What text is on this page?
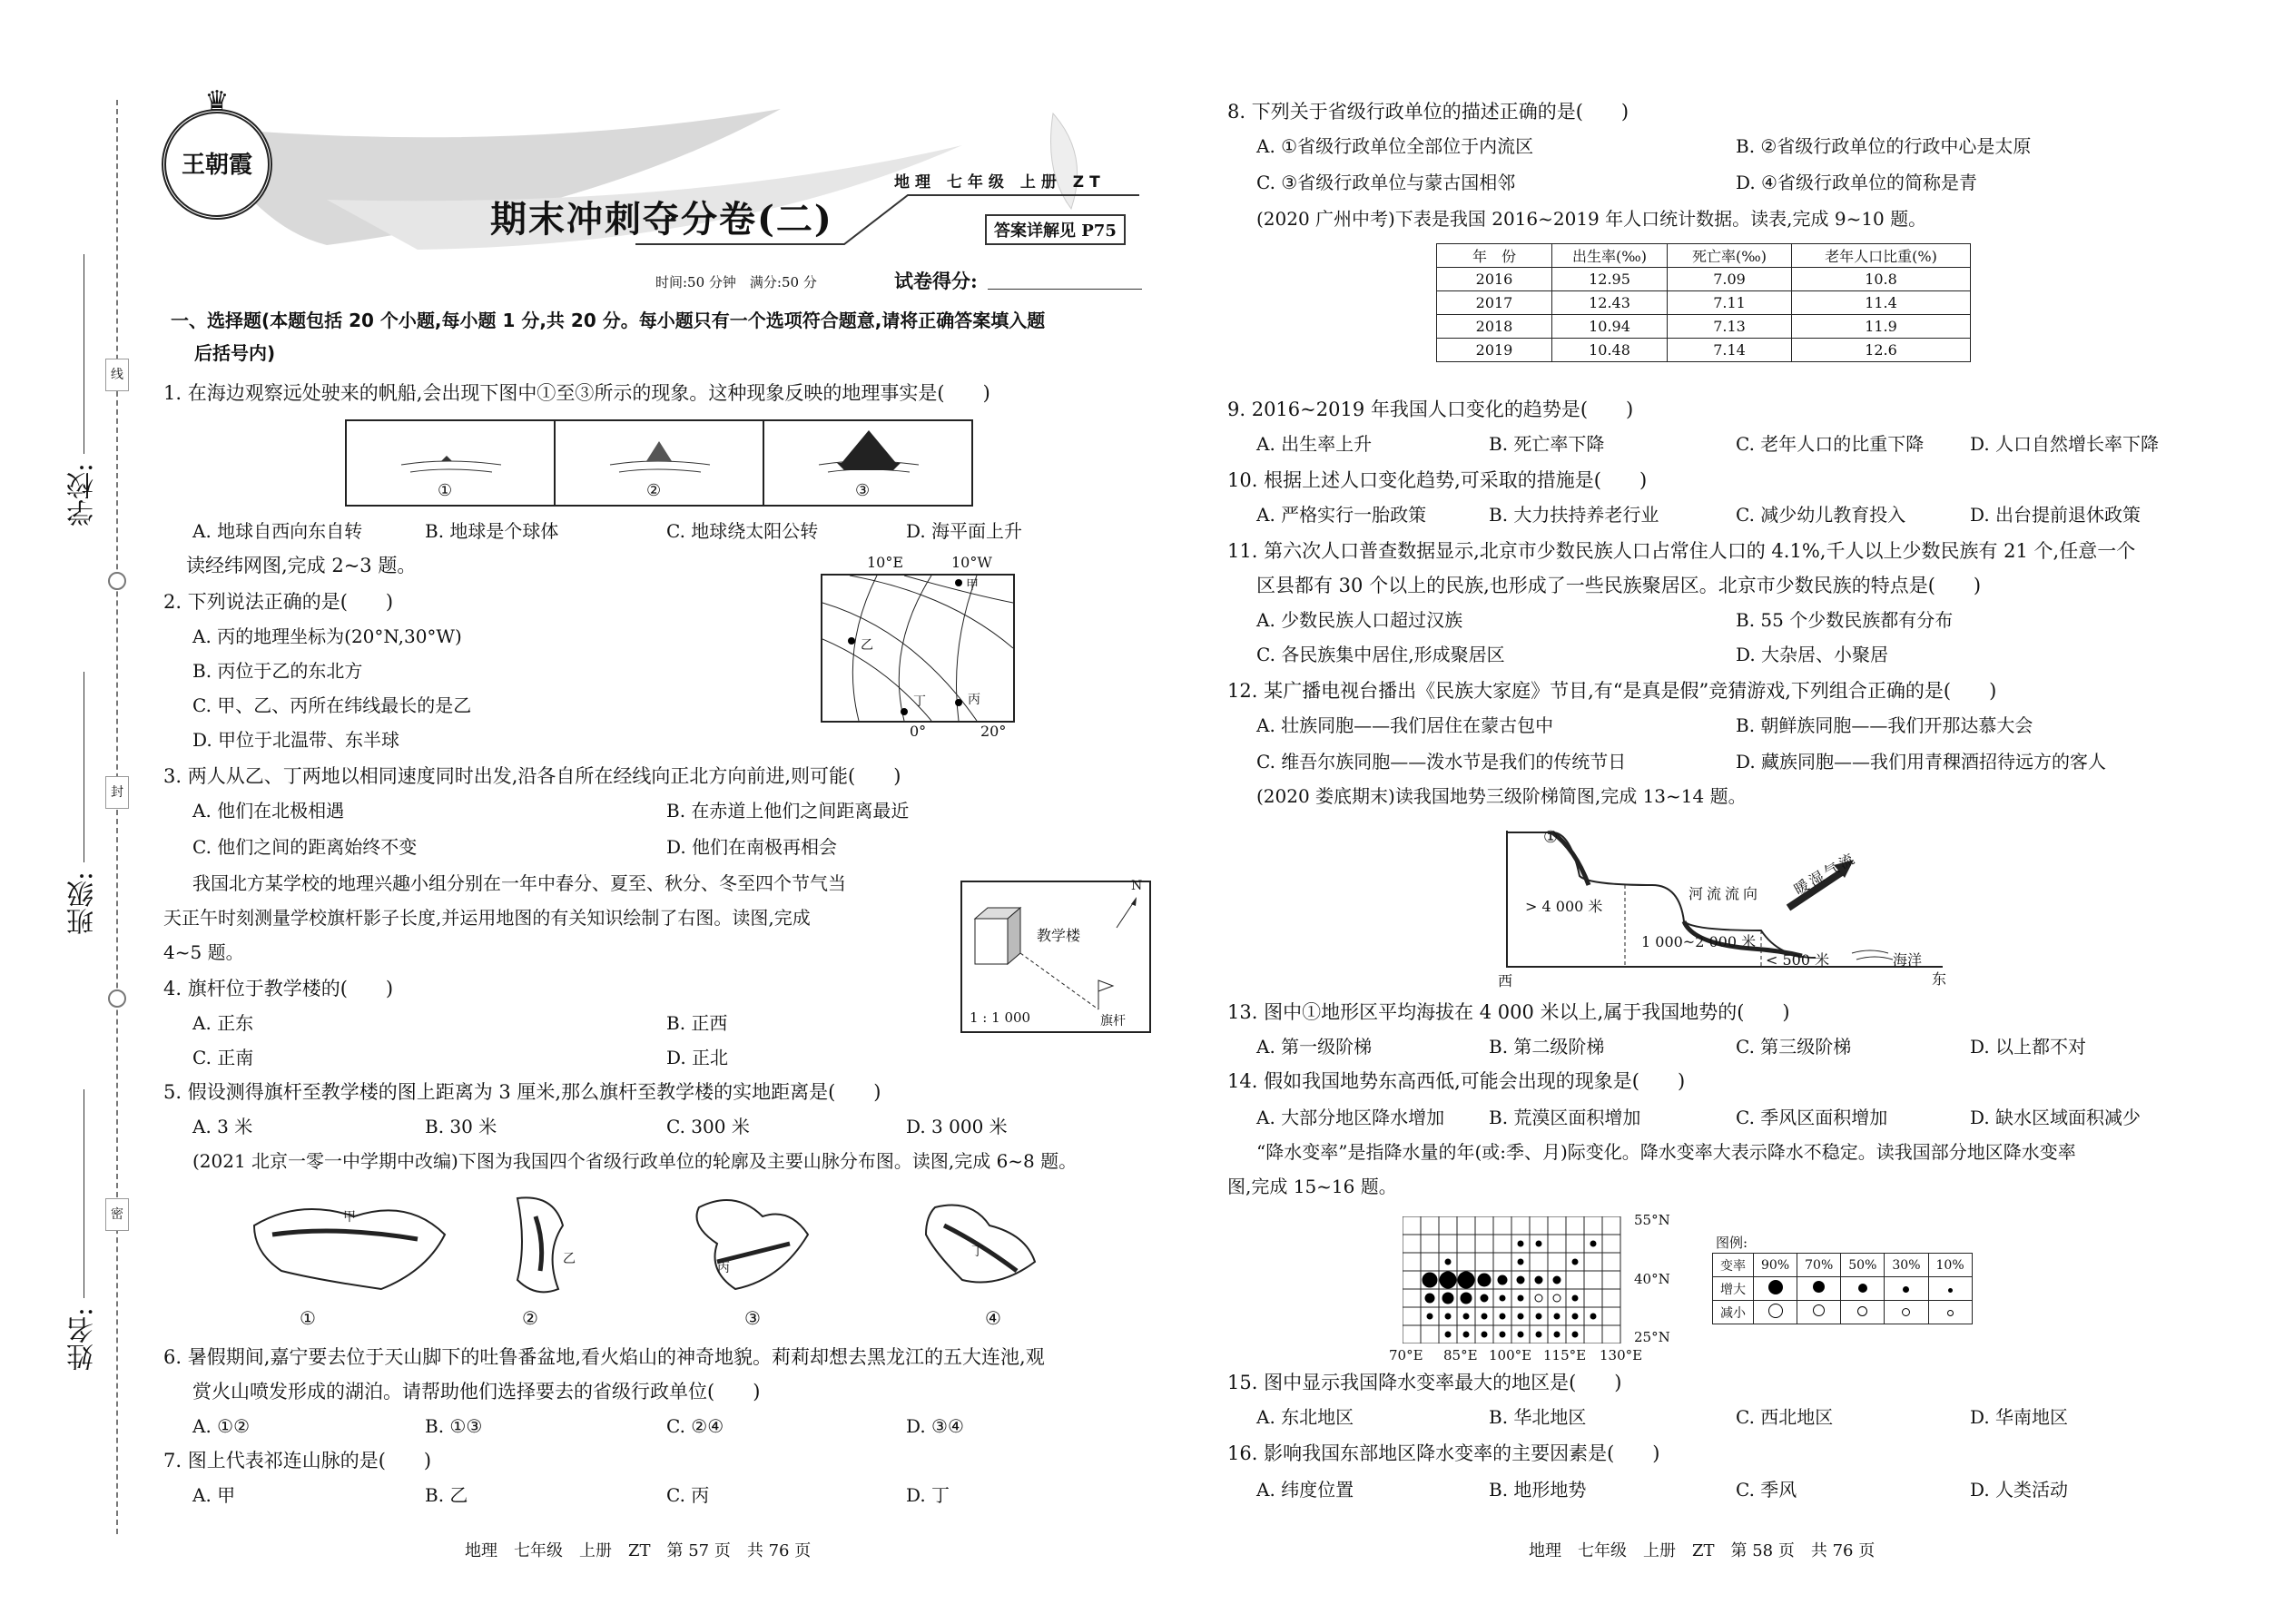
线
封
密
学校:
班级:
姓名:
♛
王朝霞
地理 七年级 上册 ZT
期末冲刺夺分卷(二)	答案详解见 P75
时间:50 分钟　满分:50 分	试卷得分:
一、选择题(本题包括 20 个小题,每小题 1 分,共 20 分。每小题只有一个选项符合题意,请将正确答案填入题
后括号内)
1. 在海边观察远处驶来的帆船,会出现下图中①至③所示的现象。这种现象反映的地理事实是(　　)
①	②	③
A. 地球自西向东自转	B. 地球是个球体	C. 地球绕太阳公转	D. 海平面上升
读经纬网图,完成 2~3 题。
甲
乙
丙
丁
10°E	10°W
0°	20°
2. 下列说法正确的是(　　)
A. 丙的地理坐标为(20°N,30°W)
B. 丙位于乙的东北方
C. 甲、乙、丙所在纬线最长的是乙
D. 甲位于北温带、东半球
3. 两人从乙、丁两地以相同速度同时出发,沿各自所在经线向正北方向前进,则可能(　　)
A. 他们在北极相遇	B. 在赤道上他们之间距离最近
C. 他们之间的距离始终不变	D. 他们在南极再相会
我国北方某学校的地理兴趣小组分别在一年中春分、夏至、秋分、冬至四个节气当
天正午时刻测量学校旗杆影子长度,并运用地图的有关知识绘制了右图。读图,完成
4~5 题。
N
教学楼
1 : 1 000	旗杆
4. 旗杆位于教学楼的(　　)
A. 正东	B. 正西
C. 正南	D. 正北
5. 假设测得旗杆至教学楼的图上距离为 3 厘米,那么旗杆至教学楼的实地距离是(　　)
A. 3 米	B. 30 米	C. 300 米	D. 3 000 米
(2021 北京一零一中学期中改编)下图为我国四个省级行政单位的轮廓及主要山脉分布图。读图,完成 6~8 题。
甲
乙
丙
丁
①	②	③	④
6. 暑假期间,嘉宁要去位于天山脚下的吐鲁番盆地,看火焰山的神奇地貌。莉莉却想去黑龙江的五大连池,观
赏火山喷发形成的湖泊。请帮助他们选择要去的省级行政单位(　　)
A. ①②	B. ①③	C. ②④	D. ③④
7. 图上代表祁连山脉的是(　　)
A. 甲	B. 乙	C. 丙	D. 丁
地理　七年级　上册　ZT　第 57 页　共 76 页
8. 下列关于省级行政单位的描述正确的是(　　)
A. ①省级行政单位全部位于内流区	B. ②省级行政单位的行政中心是太原
C. ③省级行政单位与蒙古国相邻	D. ④省级行政单位的简称是青
(2020 广州中考)下表是我国 2016~2019 年人口统计数据。读表,完成 9~10 题。
年　份	出生率(‰)	死亡率(‰)	老年人口比重(%)
2016	12.95	7.09	10.8
2017	12.43	7.11	11.4
2018	10.94	7.13	11.9
2019	10.48	7.14	12.6
9. 2016~2019 年我国人口变化的趋势是(　　)
A. 出生率上升	B. 死亡率下降	C. 老年人口的比重下降	D. 人口自然增长率下降
10. 根据上述人口变化趋势,可采取的措施是(　　)
A. 严格实行一胎政策	B. 大力扶持养老行业	C. 减少幼儿教育投入	D. 出台提前退休政策
11. 第六次人口普查数据显示,北京市少数民族人口占常住人口的 4.1%,千人以上少数民族有 21 个,任意一个
区县都有 30 个以上的民族,也形成了一些民族聚居区。北京市少数民族的特点是(　　)
A. 少数民族人口超过汉族	B. 55 个少数民族都有分布
C. 各民族集中居住,形成聚居区	D. 大杂居、小聚居
12. 某广播电视台播出《民族大家庭》节目,有“是真是假”竞猜游戏,下列组合正确的是(　　)
A. 壮族同胞——我们居住在蒙古包中	B. 朝鲜族同胞——我们开那达慕大会
C. 维吾尔族同胞——泼水节是我们的传统节日	D. 藏族同胞——我们用青稞酒招待远方的客人
(2020 娄底期末)读我国地势三级阶梯简图,完成 13~14 题。
①
> 4 000 米
1 000~2 000 米
< 500 米
河流流向 暖湿气流
海洋
西	东
13. 图中①地形区平均海拔在 4 000 米以上,属于我国地势的(　　)
A. 第一级阶梯	B. 第二级阶梯	C. 第三级阶梯	D. 以上都不对
14. 假如我国地势东高西低,可能会出现的现象是(　　)
A. 大部分地区降水增加 B. 荒漠区面积增加	C. 季风区面积增加	D. 缺水区域面积减少
“降水变率”是指降水量的年(或:季、月)际变化。降水变率大表示降水不稳定。读我国部分地区降水变率
图,完成 15~16 题。
55°N
40°N
25°N
70°E 85°E 100°E 115°E 130°E
图例:
变率	90%	70%	50%	30%	10%
增大					
减小					
15. 图中显示我国降水变率最大的地区是(　　)
A. 东北地区	B. 华北地区	C. 西北地区	D. 华南地区
16. 影响我国东部地区降水变率的主要因素是(　　)
A. 纬度位置	B. 地形地势	C. 季风	D. 人类活动
地理　七年级　上册　ZT　第 58 页　共 76 页
